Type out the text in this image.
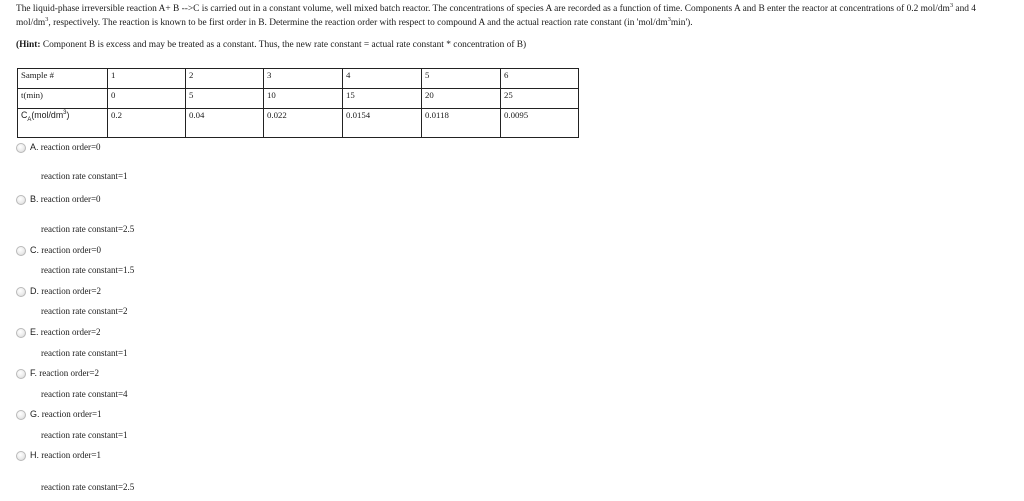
The liquid-phase irreversible reaction A+ B -->C is carried out in a constant volume, well mixed batch reactor. The concentrations of species A are recorded as a function of time. Components A and B enter the reactor at concentrations of 0.2 mol/$dm^3$ and 4
mol/$dm^3$, respectively. The reaction is known to be first order in B. Determine the reaction order with respect to compound A and the actual reaction rate constant (in '$mol/dm^3\min$').
(Hint: Component B is excess and may be treated as a constant. Thus, the new rate constant = actual rate constant * concentration of B)
Sample #	1	2	3	4	5	6
t(min)	0	5	10	15	20	25
$C_A(mol/dm^3)$	0.2	0.04	0.022	0.0154	0.0118	0.0095
A. reaction order=0
reaction rate constant=1
B. reaction order=0
reaction rate constant=2.5
C. reaction order=0
reaction rate constant=1.5
D. reaction order=2
reaction rate constant=2
E. reaction order=2
reaction rate constant=1
F. reaction order=2
reaction rate constant=4
G. reaction order=1
reaction rate constant=1
H. reaction order=1
reaction rate constant=2.5
